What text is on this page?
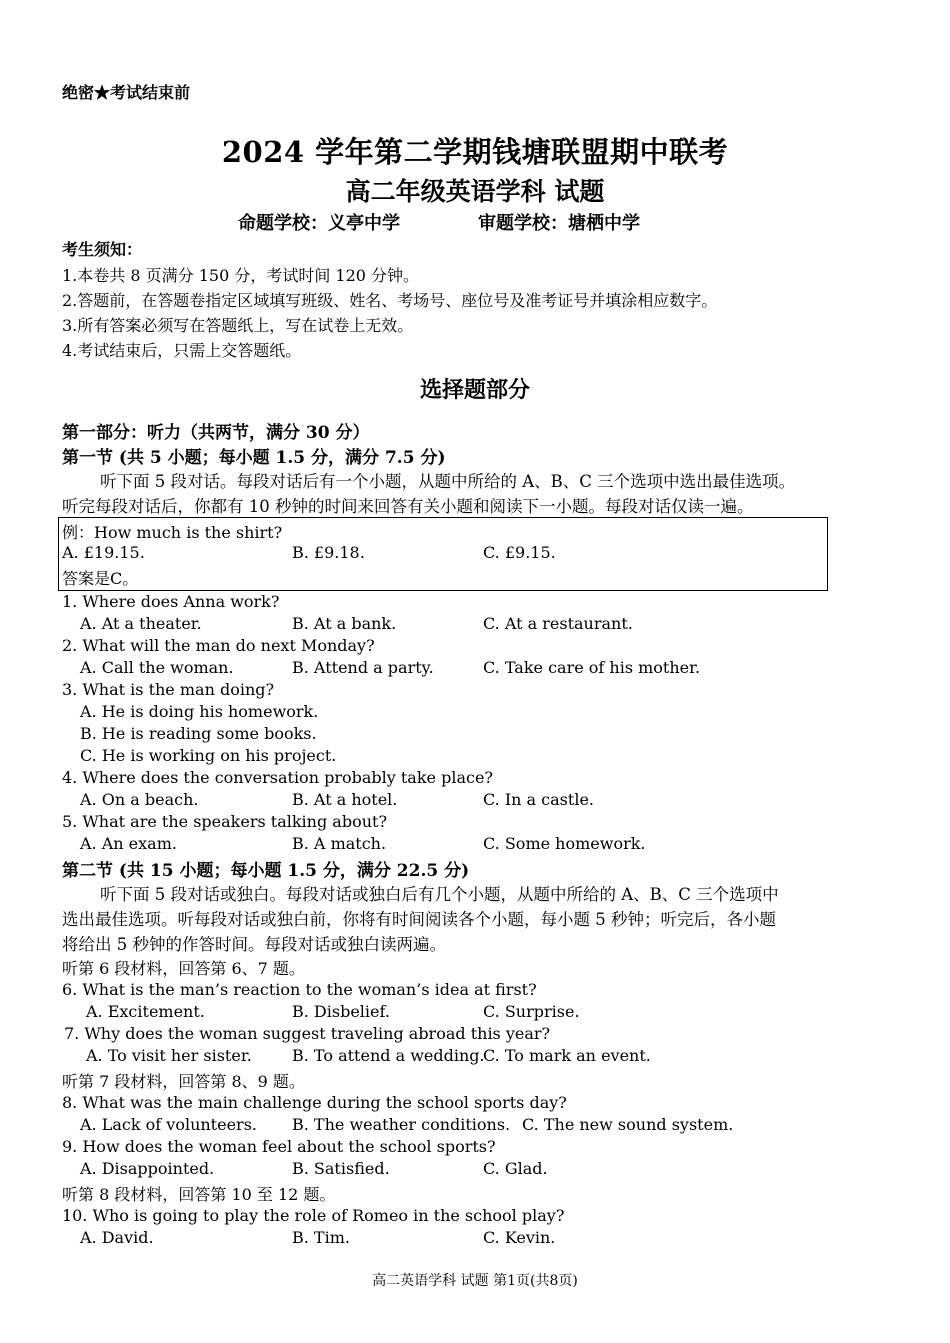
绝密★考试结束前
2024 学年第二学期钱塘联盟期中联考
高二年级英语学科 试题
命题学校：义亭中学	审题学校：塘栖中学
考生须知：
1.本卷共 8 页满分 150 分，考试时间 120 分钟。
2.答题前，在答题卷指定区域填写班级、姓名、考场号、座位号及准考证号并填涂相应数字。
3.所有答案必须写在答题纸上，写在试卷上无效。
4.考试结束后，只需上交答题纸。
选择题部分
第一部分：听力（共两节，满分 30 分）
第一节 (共 5 小题；每小题 1.5 分，满分 7.5 分)
听下面 5 段对话。每段对话后有一个小题，从题中所给的 A、B、C 三个选项中选出最佳选项。
听完每段对话后，你都有 10 秒钟的时间来回答有关小题和阅读下一小题。每段对话仅读一遍。
例：How much is the shirt?
A. £19.15.	B. £9.18.	C. £9.15.
答案是C。
1. Where does Anna work?
A. At a theater.	B. At a bank.	C. At a restaurant.
2. What will the man do next Monday?
A. Call the woman.	B. Attend a party.	C. Take care of his mother.
3. What is the man doing?
A. He is doing his homework.
B. He is reading some books.
C. He is working on his project.
4. Where does the conversation probably take place?
A. On a beach.	B. At a hotel.	C. In a castle.
5. What are the speakers talking about?
A. An exam.	B. A match.	C. Some homework.
第二节 (共 15 小题；每小题 1.5 分，满分 22.5 分)
听下面 5 段对话或独白。每段对话或独白后有几个小题，从题中所给的 A、B、C 三个选项中
选出最佳选项。听每段对话或独白前，你将有时间阅读各个小题，每小题 5 秒钟；听完后，各小题
将给出 5 秒钟的作答时间。每段对话或独白读两遍。
听第 6 段材料，回答第 6、7 题。
6. What is the man’s reaction to the woman’s idea at first?
A. Excitement.	B. Disbelief.	C. Surprise.
7. Why does the woman suggest traveling abroad this year?
A. To visit her sister.	B. To attend a wedding.
C. To mark an event.
听第 7 段材料，回答第 8、9 题。
8. What was the main challenge during the school sports day?
A. Lack of volunteers. B. The weather conditions. C. The new sound system.
9. How does the woman feel about the school sports?
A. Disappointed.	B. Satisfied.	C. Glad.
听第 8 段材料，回答第 10 至 12 题。
10. Who is going to play the role of Romeo in the school play?
A. David.	B. Tim.	C. Kevin.
高二英语学科 试题 第1页(共8页)
